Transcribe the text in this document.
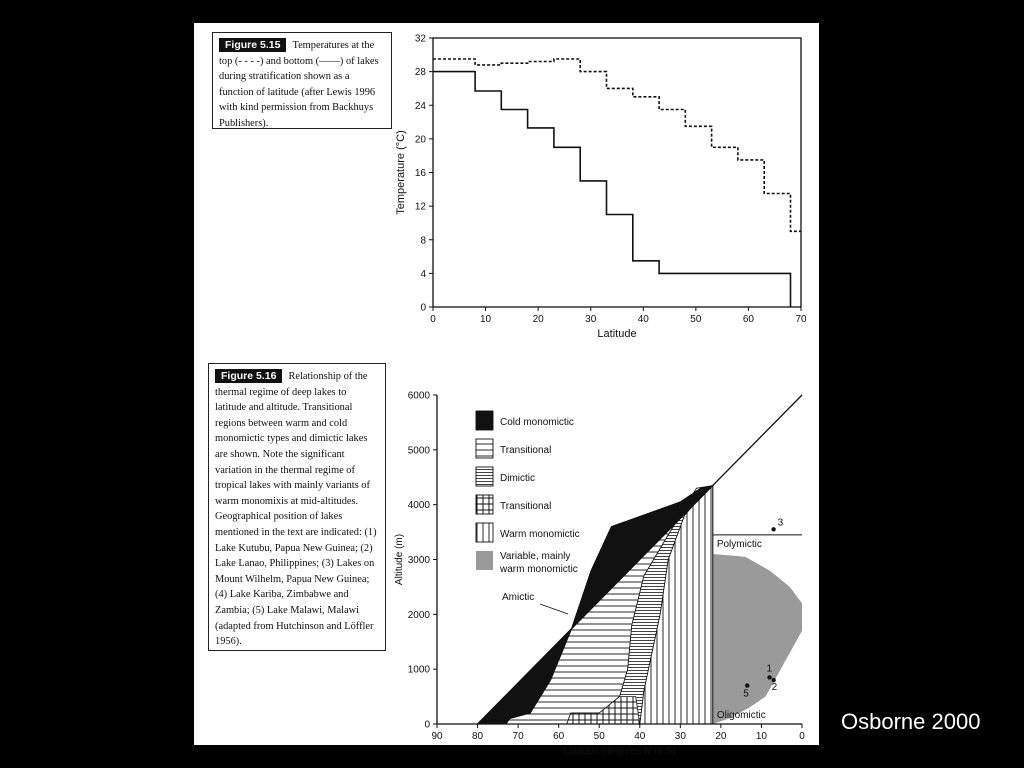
Figure 5.15 Temperatures at the top (- - - -) and bottom (——) of lakes during stratification shown as a function of latitude (after Lewis 1996 with kind permission from Backhuys Publishers).
Figure 5.16 Relationship of the thermal regime of deep lakes to latitude and altitude. Transitional regions between warm and cold monomictic types and dimictic lakes are shown. Note the significant variation in the thermal regime of tropical lakes with mainly variants of warm monomixis at mid-altitudes. Geographical position of lakes mentioned in the text are indicated: (1) Lake Kutubu, Papua New Guinea; (2) Lake Lanao, Philippines; (3) Lakes on Mount Wilhelm, Papua New Guinea; (4) Lake Kariba, Zimbabwe and Zambia; (5) Lake Malawi, Malawi (adapted from Hutchinson and Löffler 1956).
0	10	20	30	40	50	60	70
0
4
8
12
16
20
24
28
32
Latitude
Temperature (°C)
90	80	70	60	50	40	30	20	10	0
0
1000
2000
3000
4000
5000
6000
Latitude (degrees N or S)
Altitude (m)
Cold monomictic
Transitional
Dimictic
Transitional
Warm monomictic
Variable, mainly
warm monomictic
Amictic
Polymictic
Oligomictic
1
2
3
5
Osborne 2000
